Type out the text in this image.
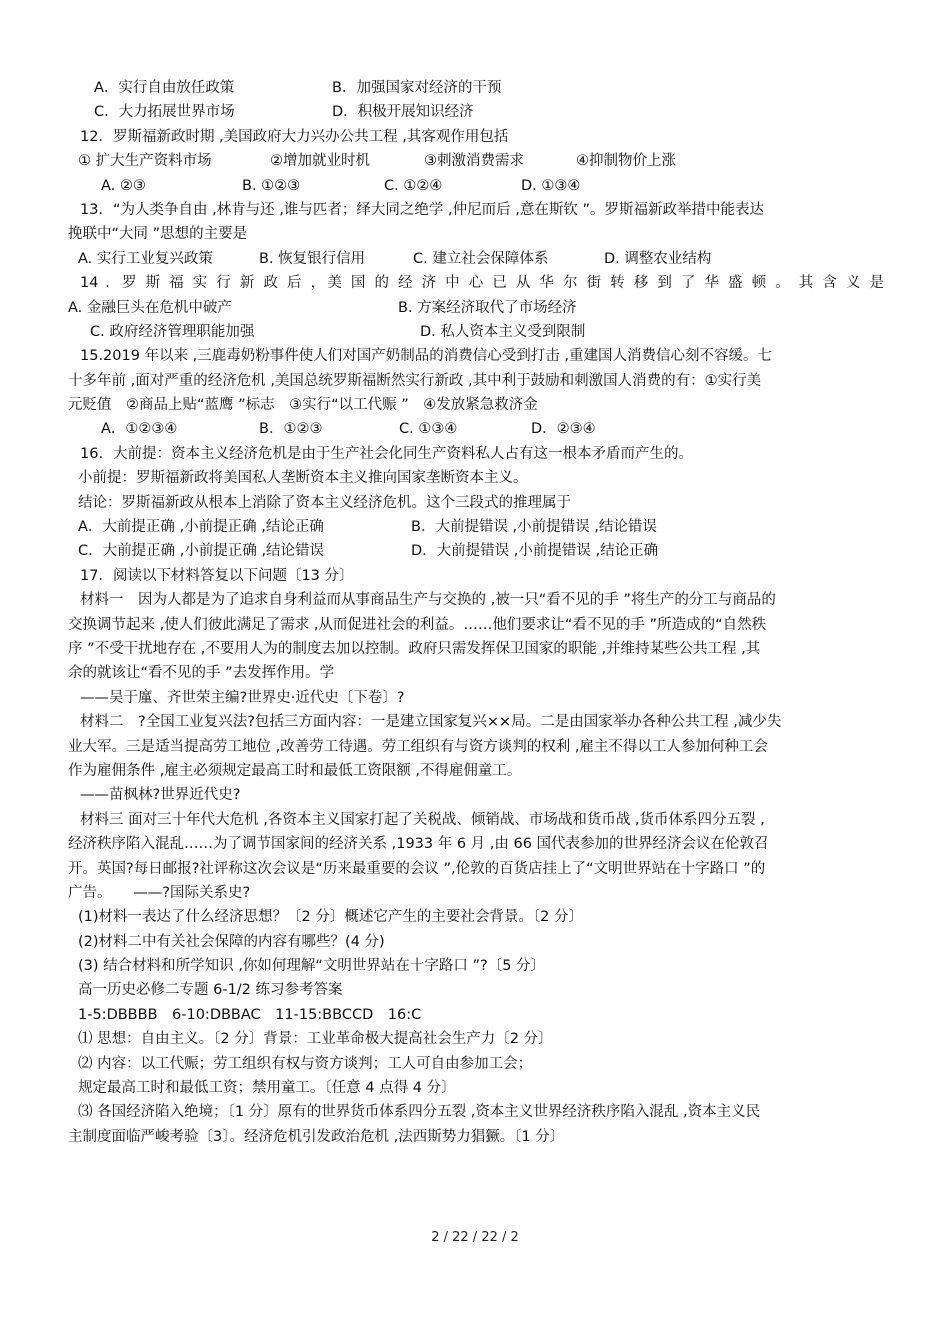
A．实行自由放任政策	B．加强国家对经济的干预
C．大力拓展世界市场	D．积极开展知识经济
12．罗斯福新政时期 ,美国政府大力兴办公共工程 ,其客观作用包括
① 扩大生产资料市场	②增加就业时机	③刺激消费需求	④抑制物价上涨
A. ②③	B. ①②③	C. ①②④	D. ①③④
13．“为人类争自由 ,林肯与还 ,谁与匹者；绎大同之绝学 ,仲尼而后 ,意在斯钦 ”。罗斯福新政举措中能表达
挽联中“大同 ”思想的主要是
A. 实行工业复兴政策	B. 恢复银行信用	C. 建立社会保障体系	D. 调整农业结构
14 ．罗 斯 福 实 行 新 政 后 ，美 国 的 经 济 中 心 已 从 华 尔 街 转 移 到 了 华 盛 顿 。 其 含 义 是
A. 金融巨头在危机中破产	B. 方案经济取代了市场经济
C. 政府经济管理职能加强	D. 私人资本主义受到限制
15.2019 年以来 ,三鹿毒奶粉事件使人们对国产奶制品的消费信心受到打击 ,重建国人消费信心刻不容缓。七
十多年前 ,面对严重的经济危机 ,美国总统罗斯福断然实行新政 ,其中利于鼓励和刺激国人消费的有：①实行美
元贬值　②商品上贴“蓝鹰 ”标志　③实行“以工代赈 ”　④发放紧急救济金
A．①②③④	B．①②③	C. ①③④	D．②③④
16．大前提：资本主义经济危机是由于生产社会化同生产资料私人占有这一根本矛盾而产生的。
小前提：罗斯福新政将美国私人垄断资本主义推向国家垄断资本主义。
结论：罗斯福新政从根本上消除了资本主义经济危机。这个三段式的推理属于
A．大前提正确 ,小前提正确 ,结论正确	B．大前提错误 ,小前提错误 ,结论错误
C．大前提正确 ,小前提正确 ,结论错误	D．大前提错误 ,小前提错误 ,结论正确
17．阅读以下材料答复以下问题〔13 分〕
材料一　因为人都是为了追求自身利益而从事商品生产与交换的 ,被一只“看不见的手 ”将生产的分工与商品的
交换调节起来 ,使人们彼此满足了需求 ,从而促进社会的利益。……他们要求让“看不见的手 ”所造成的“自然秩
序 ”不受干扰地存在 ,不要用人为的制度去加以控制。政府只需发挥保卫国家的职能 ,并维持某些公共工程 ,其
余的就该让“看不见的手 ”去发挥作用。学
——吴于廑、齐世荣主编?世界史·近代史〔下卷〕?
材料二　?全国工业复兴法?包括三方面内容：一是建立国家复兴××局。二是由国家举办各种公共工程 ,减少失
业大军。三是适当提高劳工地位 ,改善劳工待遇。劳工组织有与资方谈判的权利 ,雇主不得以工人参加何种工会
作为雇佣条件 ,雇主必须规定最高工时和最低工资限额 ,不得雇佣童工。
——苗枫林?世界近代史?
材料三 面对三十年代大危机 ,各资本主义国家打起了关税战、倾销战、市场战和货币战 ,货币体系四分五裂 ,
经济秩序陷入混乱……为了调节国家间的经济关系 ,1933 年 6 月 ,由 66 国代表参加的世界经济会议在伦敦召
开。英国?每日邮报?社评称这次会议是“历来最重要的会议 ”,伦敦的百货店挂上了“文明世界站在十字路口 ”的
广告。　　——?国际关系史?
(1)材料一表达了什么经济思想？〔2 分〕概述它产生的主要社会背景。〔2 分〕
(2)材料二中有关社会保障的内容有哪些？(4 分)
(3) 结合材料和所学知识 ,你如何理解“文明世界站在十字路口 ”?〔5 分〕
高一历史必修二专题 6-1/2 练习参考答案
1-5:DBBBB　6-10:DBBAC　11-15:BBCCD　16:C
⑴ 思想：自由主义。〔2 分〕背景：工业革命极大提高社会生产力〔2 分〕
⑵ 内容：以工代赈；劳工组织有权与资方谈判；工人可自由参加工会；
规定最高工时和最低工资；禁用童工。〔任意 4 点得 4 分〕
⑶ 各国经济陷入绝境；〔1 分〕原有的世界货币体系四分五裂 ,资本主义世界经济秩序陷入混乱 ,资本主义民
主制度面临严峻考验〔3〕。经济危机引发政治危机 ,法西斯势力猖獗。〔1 分〕
2 / 22 / 22 / 2
